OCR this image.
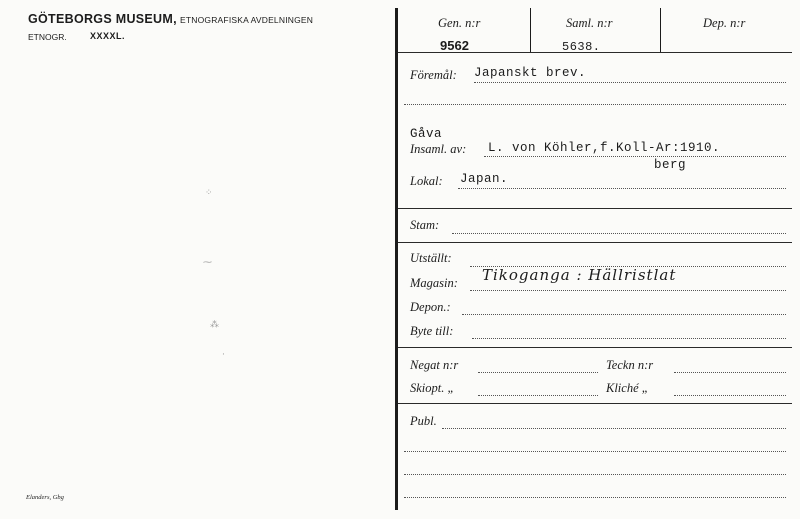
GÖTEBORGS MUSEUM, ETNOGRAFISKA AVDELNINGEN
ETNOGR.	XXXXL.
Elanders, Gbg
⁘
⁓
⁂
·
Gen. n:r
9562
Saml. n:r
5638.
Dep. n:r
Föremål: Japanskt brev.
Gåva
Insaml. av: L. von Köhler,f.Koll-Ar:1910.
berg
Lokal: Japan.
Stam:
Utställt:
Magasin: Tikoganga : Hällristlat
Depon.:
Byte till:
Negat n:r	Teckn n:r
Skiopt. „	Kliché „
Publ.
